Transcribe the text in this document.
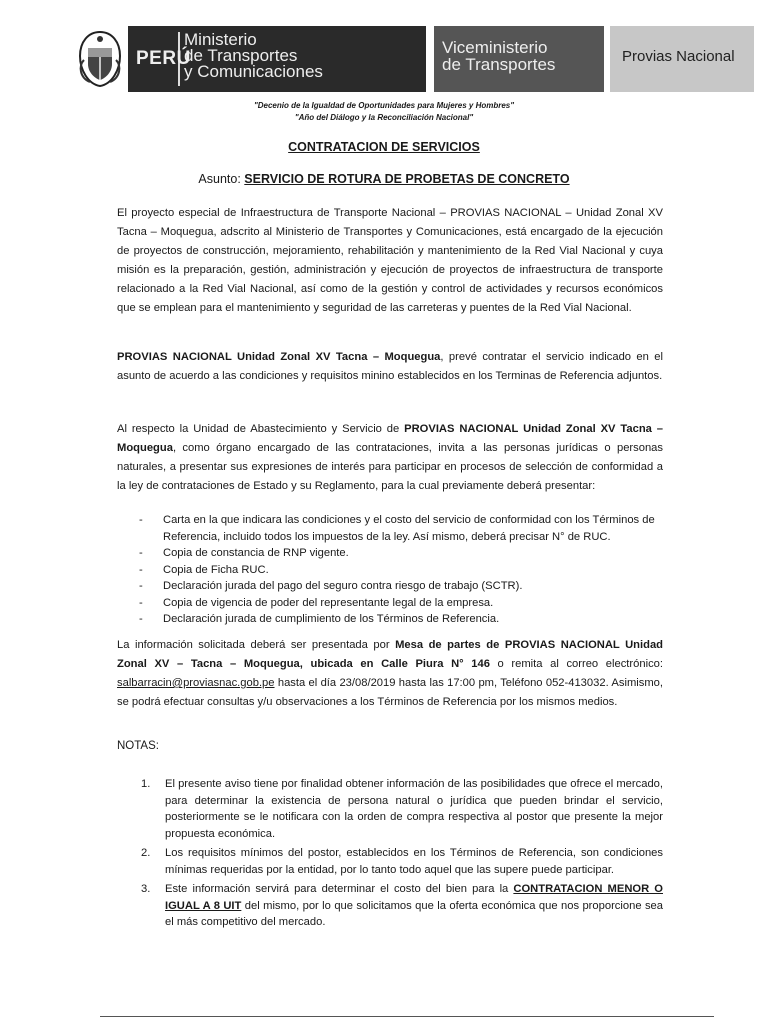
PERÚ
Ministerio
de Transportes
y Comunicaciones
Viceministerio
de Transportes	Provias Nacional
"Decenio de la Igualdad de Oportunidades para Mujeres y Hombres"
"Año del Diálogo y la Reconciliación Nacional"
CONTRATACION DE SERVICIOS
Asunto: SERVICIO DE ROTURA DE PROBETAS DE CONCRETO

El proyecto especial de Infraestructura de Transporte Nacional – PROVIAS NACIONAL – Unidad Zonal XV Tacna – Moquegua, adscrito al Ministerio de Transportes y Comunicaciones, está encargado de la ejecución de proyectos de construcción, mejoramiento, rehabilitación y mantenimiento de la Red Vial Nacional y cuya misión es la preparación, gestión, administración y ejecución de proyectos de infraestructura de transporte relacionado a la Red Vial Nacional, así como de la gestión y control de actividades y recursos económicos que se emplean para el mantenimiento y seguridad de las carreteras y puentes de la Red Vial Nacional.

PROVIAS NACIONAL Unidad Zonal XV Tacna – Moquegua, prevé contratar el servicio indicado en el asunto de acuerdo a las condiciones y requisitos minino establecidos en los Terminas de Referencia adjuntos.

Al respecto la Unidad de Abastecimiento y Servicio de PROVIAS NACIONAL Unidad Zonal XV Tacna – Moquegua, como órgano encargado de las contrataciones, invita a las personas jurídicas o personas naturales, a presentar sus expresiones de interés para participar en procesos de selección de conformidad a la ley de contrataciones de Estado y su Reglamento, para la cual previamente deberá presentar:

- Carta en la que indicara las condiciones y el costo del servicio de conformidad con los Términos de Referencia, incluido todos los impuestos de la ley. Así mismo, deberá precisar N° de RUC.
- Copia de constancia de RNP vigente.
- Copia de Ficha RUC.
- Declaración jurada del pago del seguro contra riesgo de trabajo (SCTR).
- Copia de vigencia de poder del representante legal de la empresa.
- Declaración jurada de cumplimiento de los Términos de Referencia.

La información solicitada deberá ser presentada por Mesa de partes de PROVIAS NACIONAL Unidad Zonal XV – Tacna – Moquegua, ubicada en Calle Piura N° 146 o remita al correo electrónico: salbarracin@proviasnac.gob.pe hasta el día 23/08/2019 hasta las 17:00 pm, Teléfono 052-413032. Asimismo, se podrá efectuar consultas y/u observaciones a los Términos de Referencia por los mismos medios.

NOTAS:
1. El presente aviso tiene por finalidad obtener información de las posibilidades que ofrece el mercado, para determinar la existencia de persona natural o jurídica que pueden brindar el servicio, posteriormente se le notificara con la orden de compra respectiva al postor que presente la mejor propuesta económica.
2. Los requisitos mínimos del postor, establecidos en los Términos de Referencia, son condiciones mínimas requeridas por la entidad, por lo tanto todo aquel que las supere puede participar.
3. Este información servirá para determinar el costo del bien para la CONTRATACION MENOR O IGUAL A 8 UIT del mismo, por lo que solicitamos que la oferta económica que nos proporcione sea el más competitivo del mercado.
